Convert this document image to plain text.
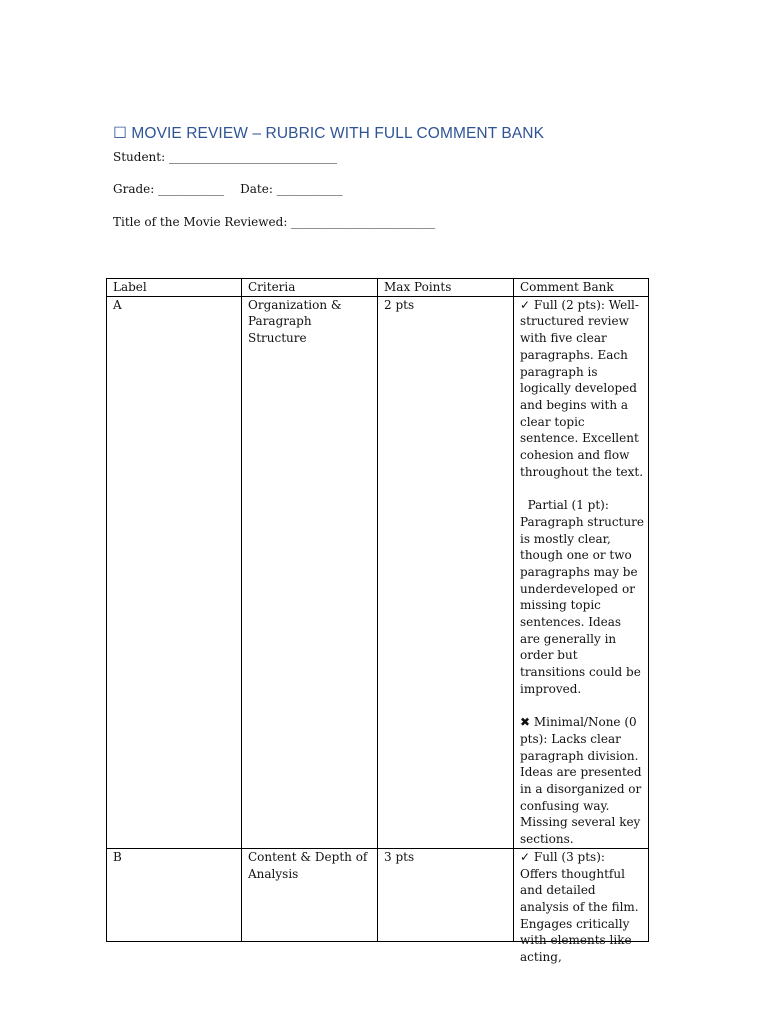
☐ MOVIE REVIEW – RUBRIC WITH FULL COMMENT BANK
Student: ____________________________
Grade: ___________ Date: ___________
Title of the Movie Reviewed: ________________________
Label	Criteria	Max Points	Comment Bank
A	Organization & Paragraph Structure	2 pts	✓ Full (2 pts): Well-structured review with five clear paragraphs. Each paragraph is logically developed and begins with a clear topic sentence. Excellent cohesion and flow throughout the text.

Partial (1 pt): Paragraph structure is mostly clear, though one or two paragraphs may be underdeveloped or missing topic sentences. Ideas are generally in order but transitions could be improved.

✖ Minimal/None (0 pts): Lacks clear paragraph division. Ideas are presented in a disorganized or confusing way. Missing several key sections.

B	Content & Depth of Analysis	3 pts	✓ Full (3 pts): Offers thoughtful and detailed analysis of the film. Engages critically with elements like acting,
